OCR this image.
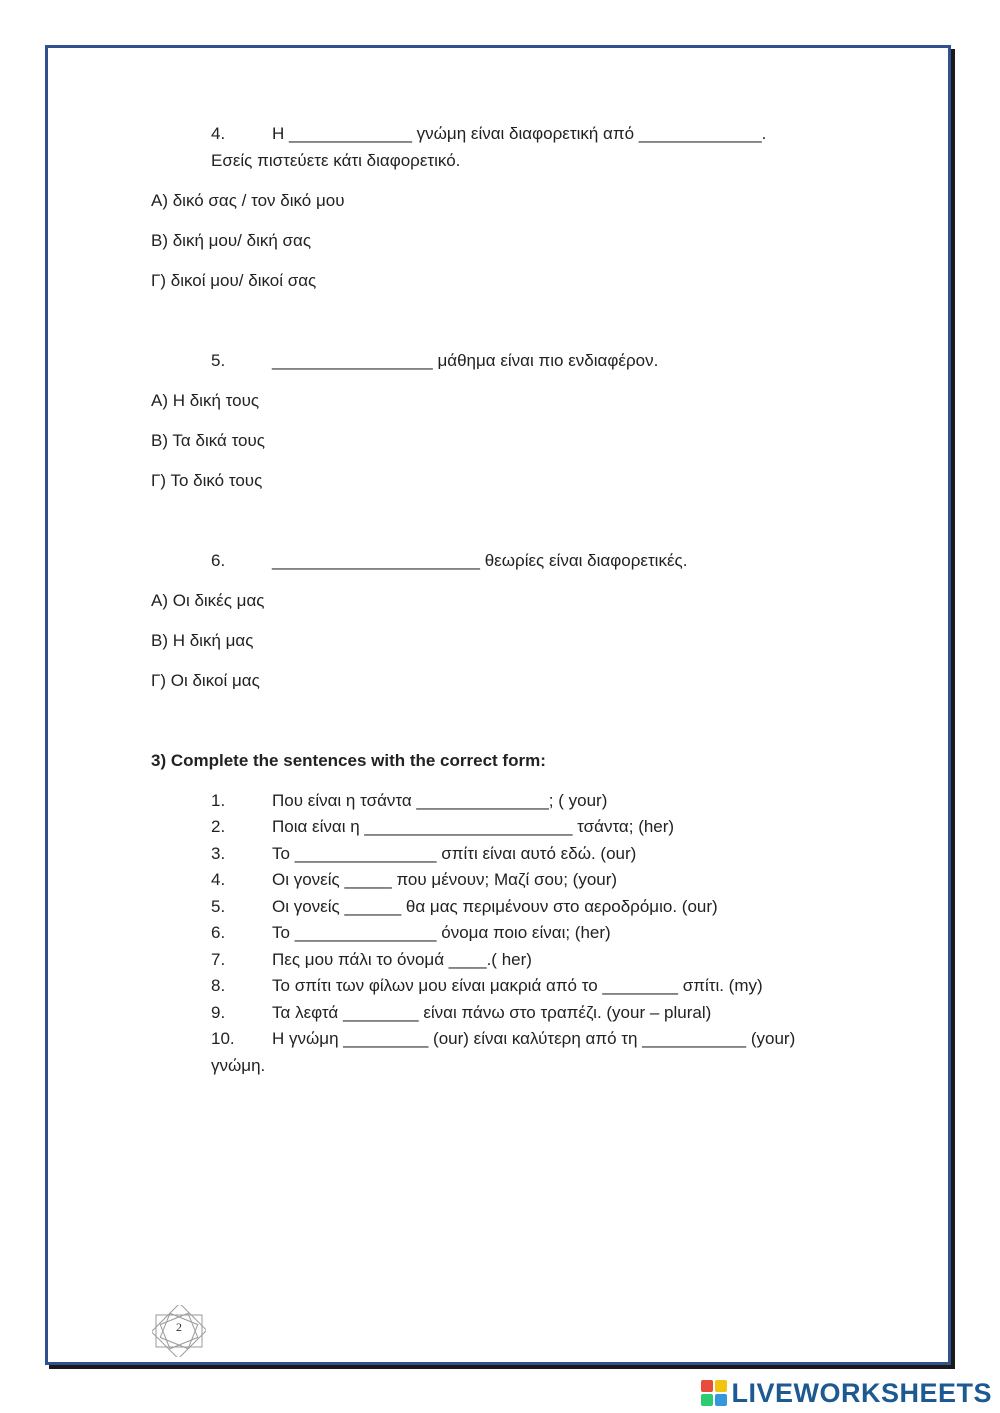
4.	Η _____________ γνώμη είναι διαφορετική από _____________.
Εσείς πιστεύετε κάτι διαφορετικό.
Α) δικό σας / τον δικό μου
Β) δική μου/ δική σας
Γ) δικοί μου/ δικοί σας
5.	_________________ μάθημα είναι πιο ενδιαφέρον.
Α) Η δική τους
Β) Τα δικά τους
Γ) Το δικό τους
6.	______________________ θεωρίες είναι διαφορετικές.
Α) Οι δικές μας
Β) Η δική μας
Γ) Οι δικοί μας
3) Complete the sentences with the correct form:
1.	Που είναι η τσάντα ______________; ( your)
2.	Ποια είναι η ______________________ τσάντα; (her)
3.	Το _______________ σπίτι είναι αυτό εδώ. (our)
4.	Οι γονείς _____ που μένουν; Μαζί σου; (your)
5.	Οι γονείς ______ θα μας περιμένουν στο αεροδρόμιο. (our)
6.	Το _______________ όνομα ποιο είναι; (her)
7.	Πες μου πάλι το όνομά ____.( her)
8.	Το σπίτι των φίλων μου είναι μακριά από το ________ σπίτι. (my)
9.	Τα λεφτά ________ είναι πάνω στο τραπέζι. (your – plural)
10. Η γνώμη _________ (our) είναι καλύτερη από τη ___________ (your)
γνώμη.
2
LIVEWORKSHEETS
